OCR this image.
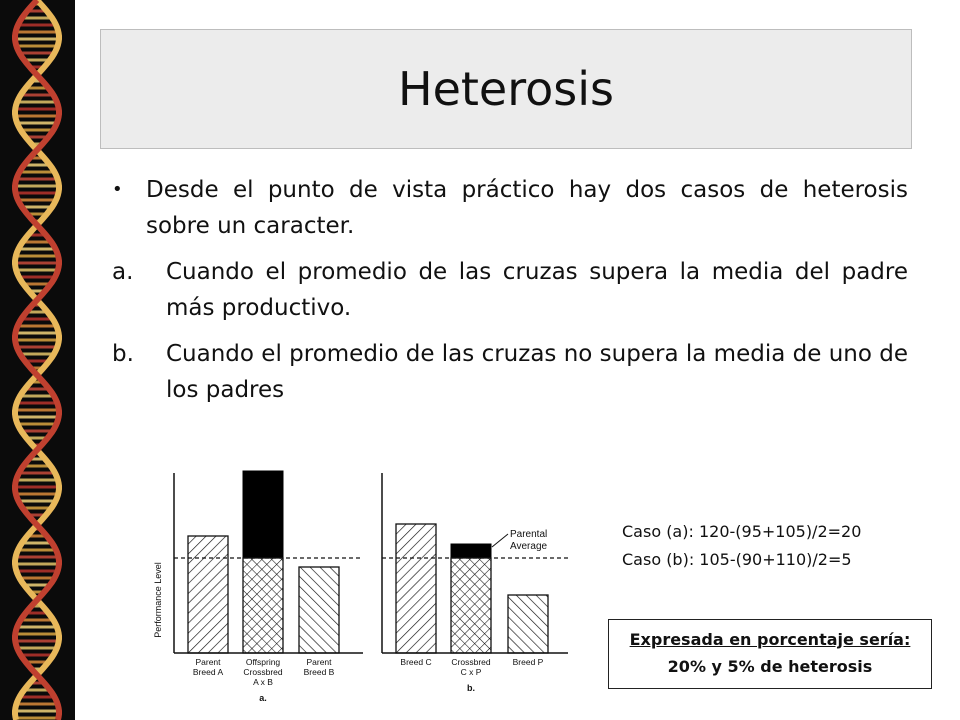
Heterosis
•	Desde el punto de vista práctico hay dos casos de heterosis sobre un caracter.
a.	Cuando el promedio de las cruzas supera la media del padre más productivo.
b.	Cuando el promedio de las cruzas no supera la media de uno de los padres
Performance Level
Parental
Average
Parent
Breed A
Offspring
Crossbred
A x B
Parent
Breed B
a.
Breed C Crossbred
C x P
Breed P
b.
Caso (a): 120-(95+105)/2=20
Caso (b): 105-(90+110)/2=5
Expresada en porcentaje sería:
20% y 5% de heterosis
